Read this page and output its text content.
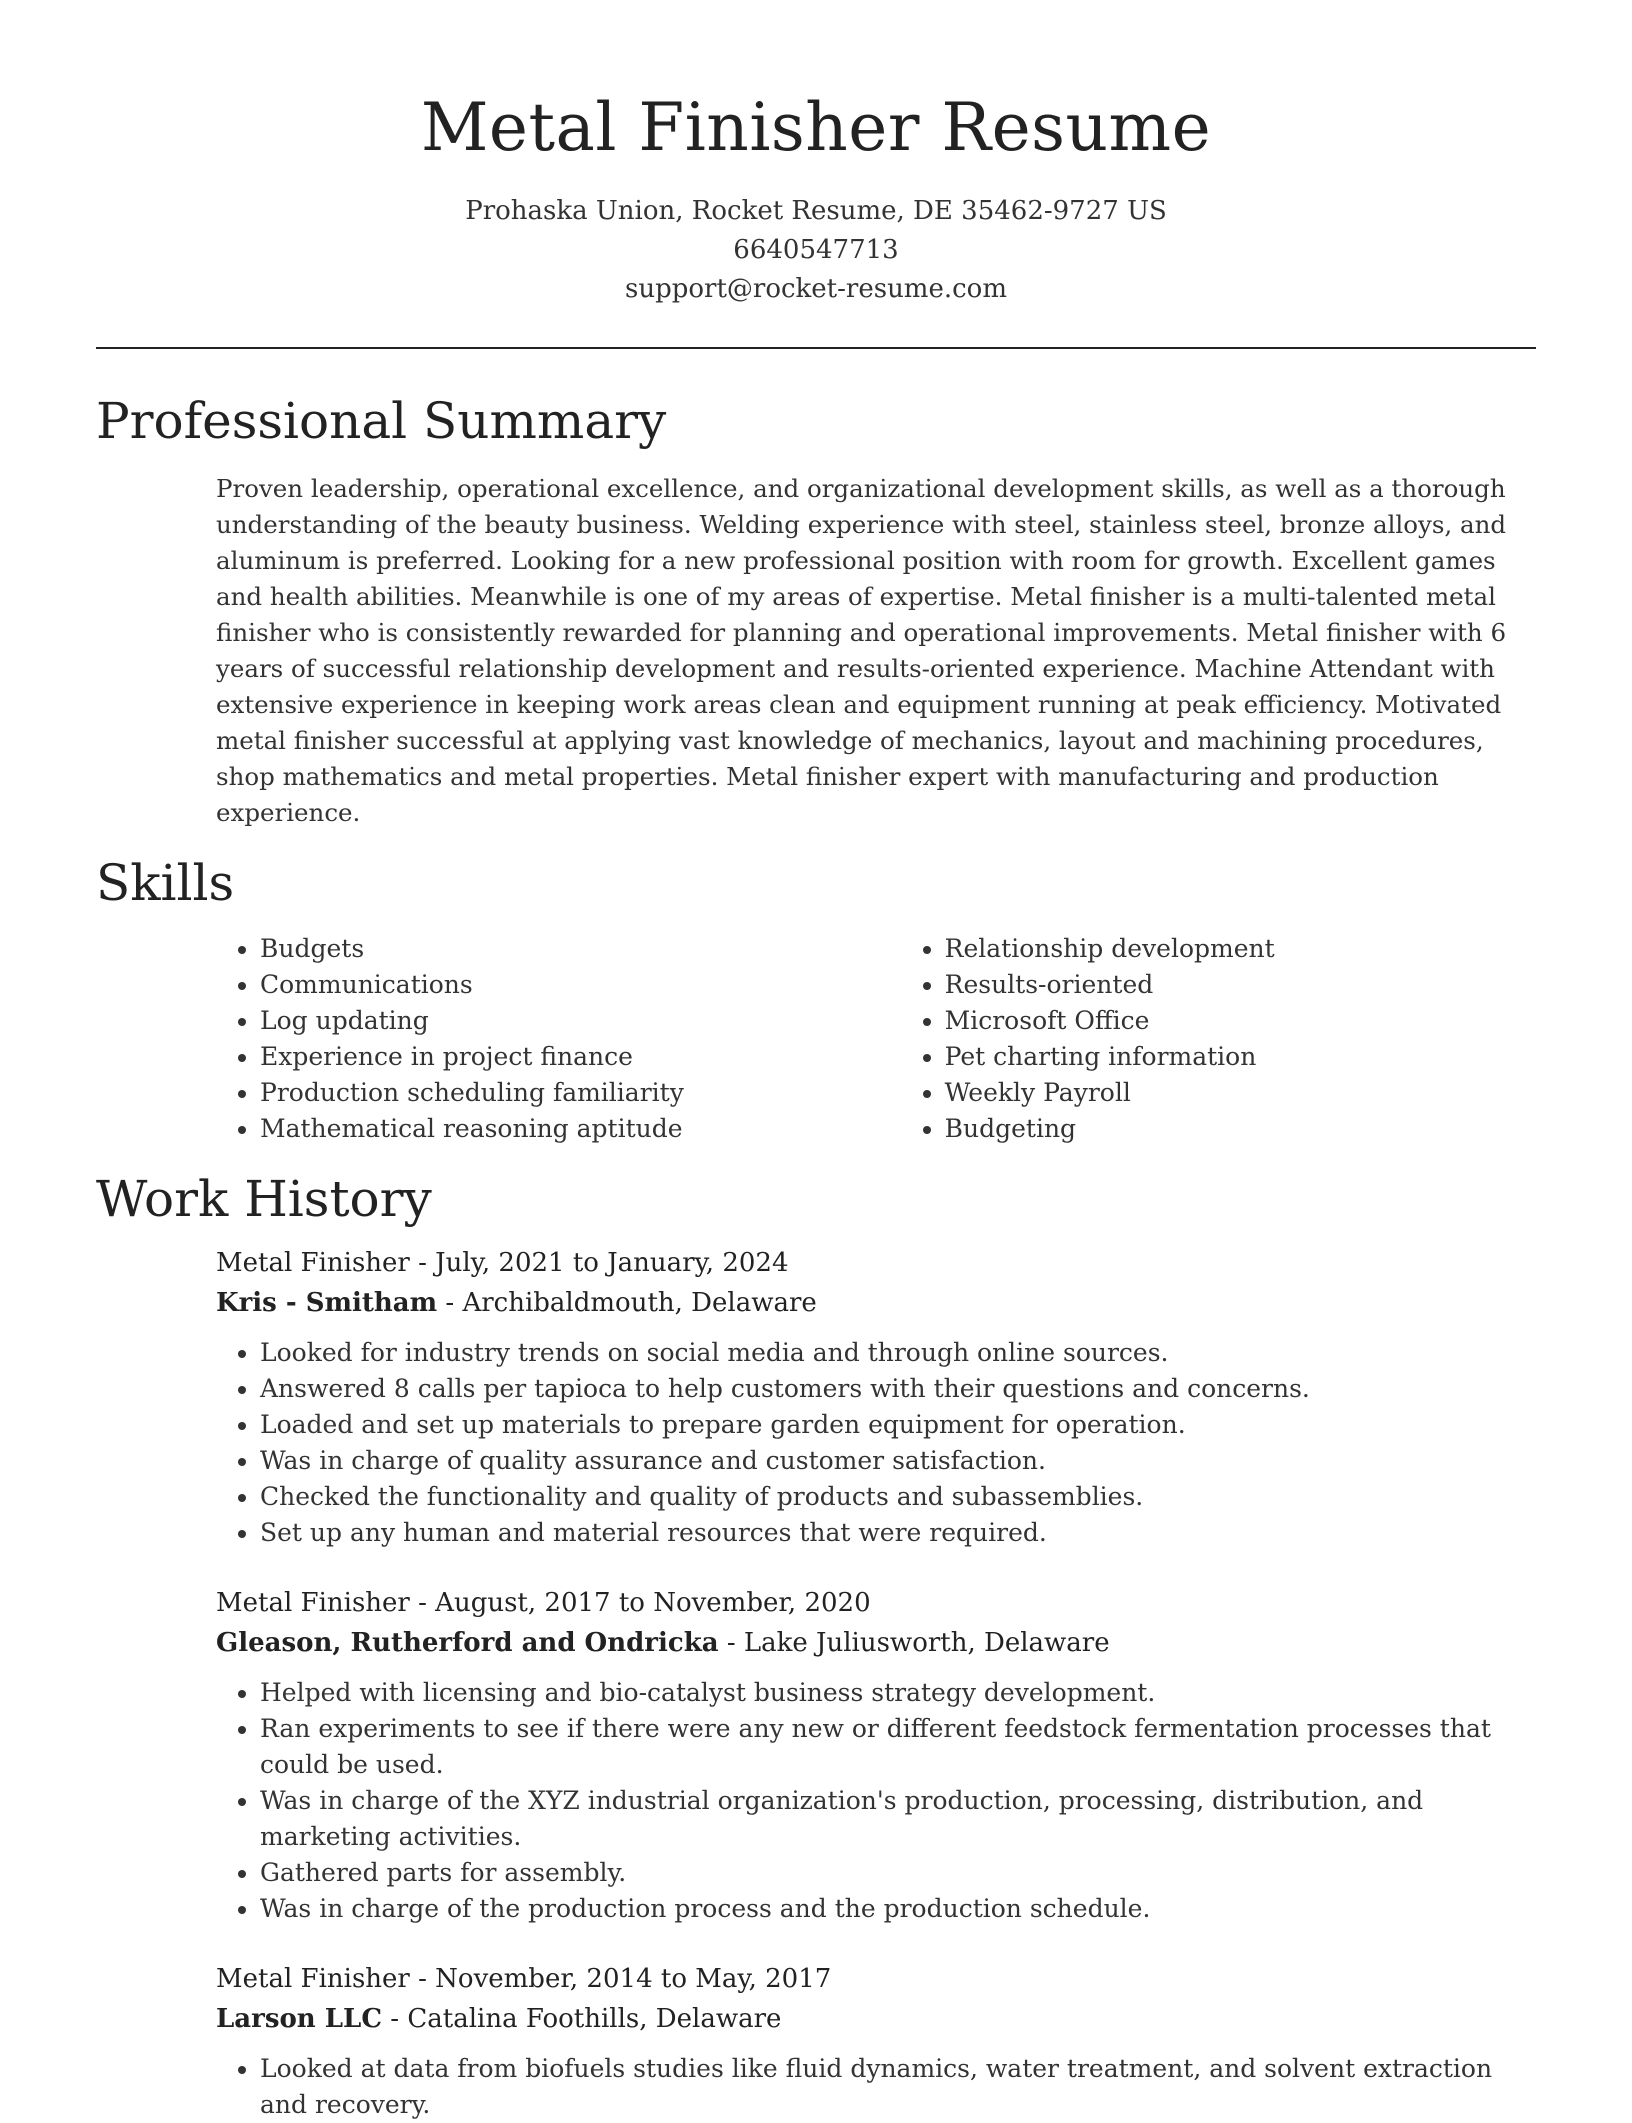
Metal Finisher Resume
Prohaska Union, Rocket Resume, DE 35462-9727 US
6640547713
support@rocket-resume.com
Professional Summary

Proven leadership, operational excellence, and organizational development skills, as well as a thorough understanding of the beauty business. Welding experience with steel, stainless steel, bronze alloys, and aluminum is preferred. Looking for a new professional position with room for growth. Excellent games and health abilities. Meanwhile is one of my areas of expertise. Metal finisher is a multi-talented metal finisher who is consistently rewarded for planning and operational improvements. Metal finisher with 6 years of successful relationship development and results-oriented experience. Machine Attendant with extensive experience in keeping work areas clean and equipment running at peak efficiency. Motivated metal finisher successful at applying vast knowledge of mechanics, layout and machining procedures, shop mathematics and metal properties. Metal finisher expert with manufacturing and production experience.

Skills
• Budgets
• Communications
• Log updating
• Experience in project finance
• Production scheduling familiarity
• Mathematical reasoning aptitude
• Relationship development
• Results-oriented
• Microsoft Office
• Pet charting information
• Weekly Payroll
• Budgeting
Work History
Metal Finisher - July, 2021 to January, 2024
Kris - Smitham - Archibaldmouth, Delaware
• Looked for industry trends on social media and through online sources.
• Answered 8 calls per tapioca to help customers with their questions and concerns.
• Loaded and set up materials to prepare garden equipment for operation.
• Was in charge of quality assurance and customer satisfaction.
• Checked the functionality and quality of products and subassemblies.
• Set up any human and material resources that were required.
Metal Finisher - August, 2017 to November, 2020
Gleason, Rutherford and Ondricka - Lake Juliusworth, Delaware
• Helped with licensing and bio-catalyst business strategy development.
• Ran experiments to see if there were any new or different feedstock fermentation processes that could be used.
• Was in charge of the XYZ industrial organization's production, processing, distribution, and marketing activities.
• Gathered parts for assembly.
• Was in charge of the production process and the production schedule.
Metal Finisher - November, 2014 to May, 2017
Larson LLC - Catalina Foothills, Delaware
• Looked at data from biofuels studies like fluid dynamics, water treatment, and solvent extraction and recovery.
